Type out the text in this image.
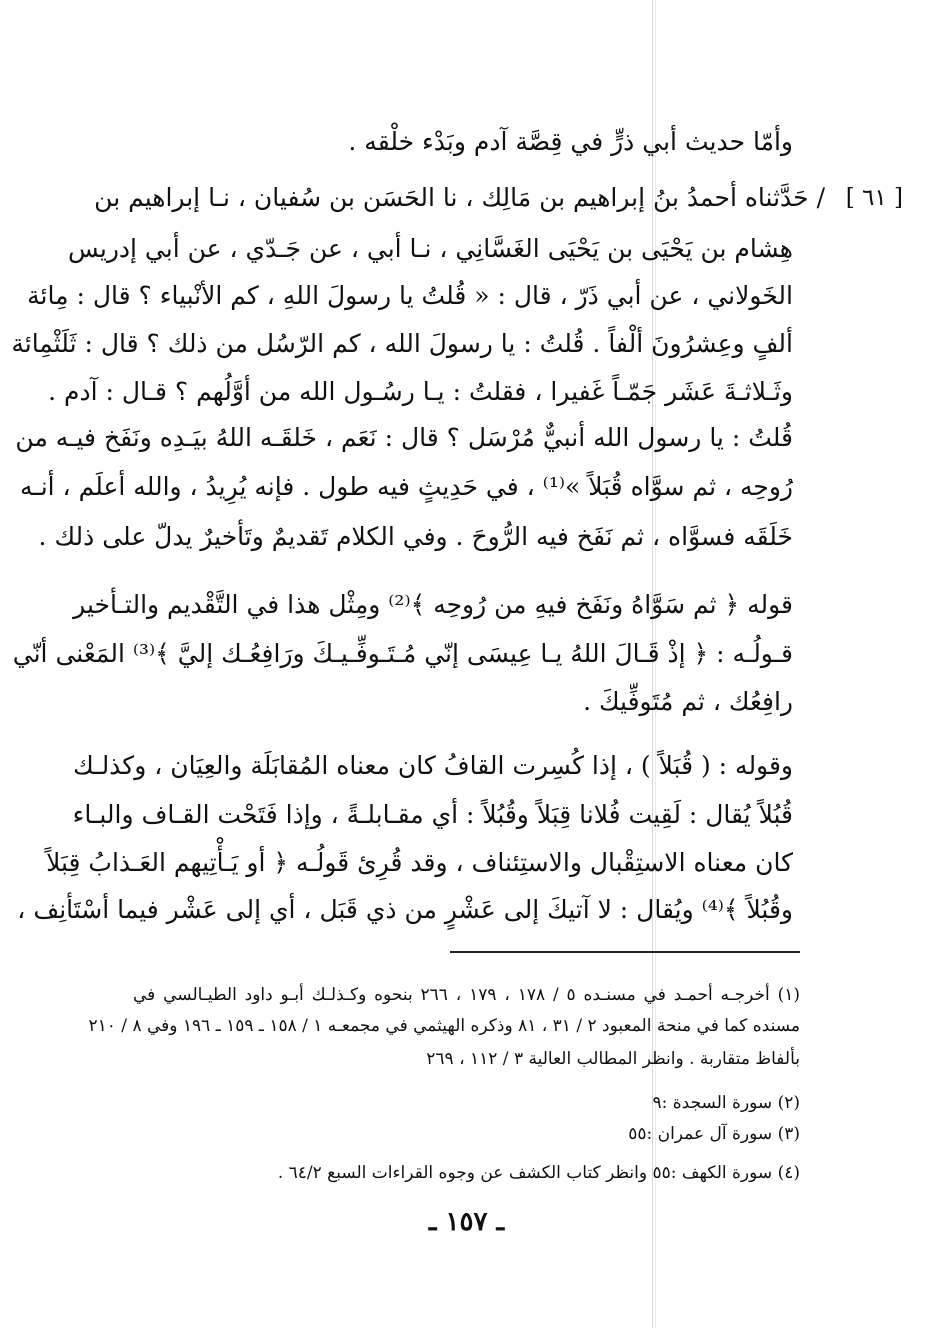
وأمّا حديث أبي ذرٍّ في قِصَّة آدم وبَدْء خلْقه .
[ ٦١ ]
/ حَدَّثناه أحمدُ بنُ إبراهيم بن مَالِك ، نا الحَسَن بن سُفيان ، نـا إبراهيم بن
هِشام بن يَحْيَى بن يَحْيَى الغَسَّانِي ، نـا أبي ، عن جَـدّي ، عن أبي إدريس
الخَولاني ، عن أبي ذَرّ ، قال : « قُلتُ يا رسولَ اللهِ ، كم الأنْبياء ؟ قال : مِائة
ألفٍ وعِشرُونَ ألْفاً . قُلتُ : يا رسولَ الله ، كم الرّسُل من ذلك ؟ قال : ثَلَثْمِائة
وثَـلاثـةَ عَشَر جَمّـاً غَفيرا ، فقلتُ : يـا رسُـول الله من أوَّلُهم ؟ قـال : آدم .
قُلتُ : يا رسول الله أنبيٌّ مُرْسَل ؟ قال : نَعَم ، خَلقَـه اللهُ بيَـدِه ونَفَخ فيـه من
رُوحِه ، ثم سوَّاه قُبَلاً »⁽¹⁾ ، في حَدِيثٍ فيه طول . فإنه يُرِيدُ ، والله أعلَم ، أنـه
خَلَقَه فسوَّاه ، ثم نَفَخ فيه الرُّوحَ . وفي الكلام تَقديمٌ وتَأخيرٌ يدلّ على ذلك .
قوله ﴿ ثم سَوَّاهُ ونَفَخ فيهِ من رُوحِه ﴾⁽²⁾ ومِثْل هذا في التَّقْديم والتـأخير
قـولُـه : ﴿ إذْ قَـالَ اللهُ يـا عِيسَى إنّي مُـتَـوفِّـيـكَ ورَافِعُـك إليَّ ﴾⁽³⁾ المَعْنى أنّي
رافِعُك ، ثم مُتَوفِّيكَ .
وقوله : ( قُبَلاً ) ، إذا كُسِرت القافُ كان معناه المُقابَلَة والعِيَان ، وكذلـك
قُبُلاً يُقال : لَقِيت فُلانا قِبَلاً وقُبُلاً : أي مقـابلـةً ، وإذا فَتَحْت القـاف والبـاء
كان معناه الاستِقْبال والاستِئناف ، وقد قُرِئ قَولُـه ﴿ أو يَـأْتِيهم العَـذابُ قِبَلاً
وقُبُلاً ﴾⁽⁴⁾ ويُقال : لا آتيكَ إلى عَشْرٍ من ذي قَبَل ، أي إلى عَشْر فيما أسْتَأنِف ،
(١) أخرجـه أحمـد في مسنـده ٥ / ١٧٨ ، ١٧٩ ، ٢٦٦ بنحوه وكـذلـك أبـو داود الطيـالسي في
مسنده كما في منحة المعبود ٢ / ٣١ ، ٨١ وذكره الهيثمي في مجمعـه ١ / ١٥٨ ـ ١٥٩ ـ ١٩٦ وفي ٨ / ٢١٠
بألفاظ متقاربة . وانظر المطالب العالية ٣ / ١١٢ ، ٢٦٩
(٢) سورة السجدة :٩
(٣) سورة آل عمران :٥٥
(٤) سورة الكهف :٥٥ وانظر كتاب الكشف عن وجوه القراءات السبع ٦٤/٢ .
ـ ١٥٧ ـ
